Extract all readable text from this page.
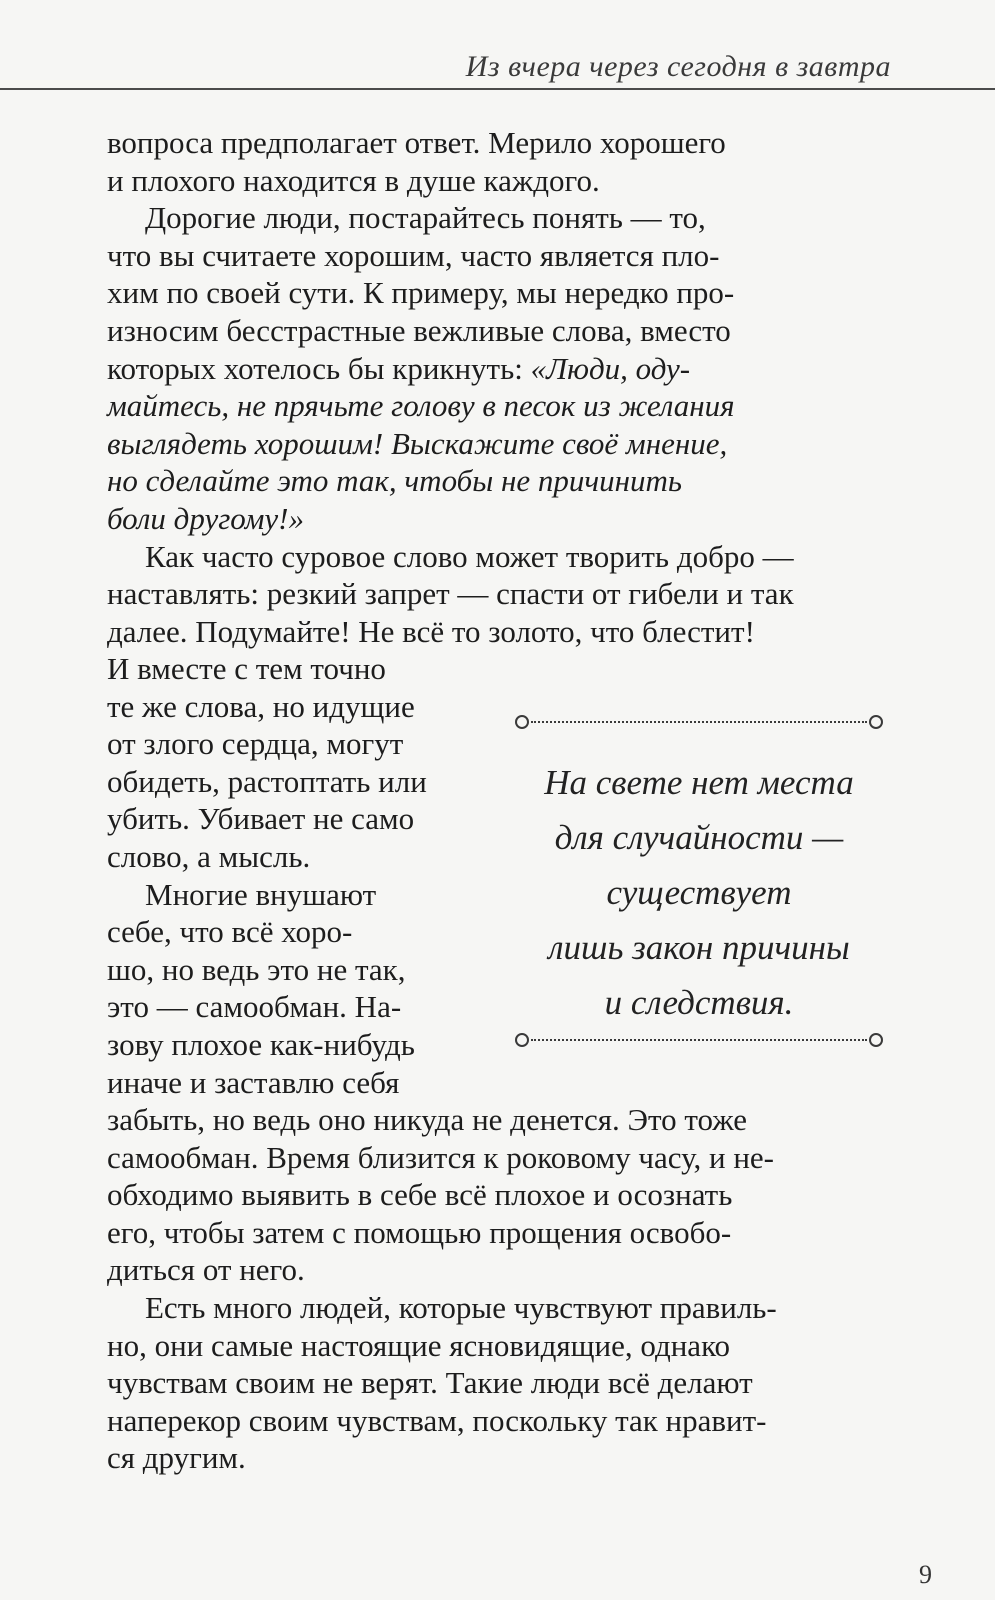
Из вчера через сегодня в завтра
вопроса предполагает ответ. Мерило хорошего
и плохого находится в душе каждого.
Дорогие люди, постарайтесь понять — то,
что вы считаете хорошим, часто является пло-
хим по своей сути. К примеру, мы нередко про-
износим бесстрастные вежливые слова, вместо
которых хотелось бы крикнуть: «Люди, оду-
майтесь, не прячьте голову в песок из желания
выглядеть хорошим! Выскажите своё мнение,
но сделайте это так, чтобы не причинить
боли другому!»
Как часто суровое слово может творить добро —
наставлять: резкий запрет — спасти от гибели и так
далее. Подумайте! Не всё то золото, что блестит!
И вместе с тем точно
те же слова, но идущие
от злого сердца, могут
обидеть, растоптать или
убить. Убивает не само
слово, а мысль.
Многие внушают
себе, что всё хоро-
шо, но ведь это не так,
это — самообман. На-
зову плохое как-нибудь
иначе и заставлю себя
На свете нет места
для случайности —
существует
лишь закон причины
и следствия.
забыть, но ведь оно никуда не денется. Это тоже
самообман. Время близится к роковому часу, и не-
обходимо выявить в себе всё плохое и осознать
его, чтобы затем с помощью прощения освобо-
диться от него.
Есть много людей, которые чувствуют правиль-
но, они самые настоящие ясновидящие, однако
чувствам своим не верят. Такие люди всё делают
наперекор своим чувствам, поскольку так нравит-
ся другим.
9
